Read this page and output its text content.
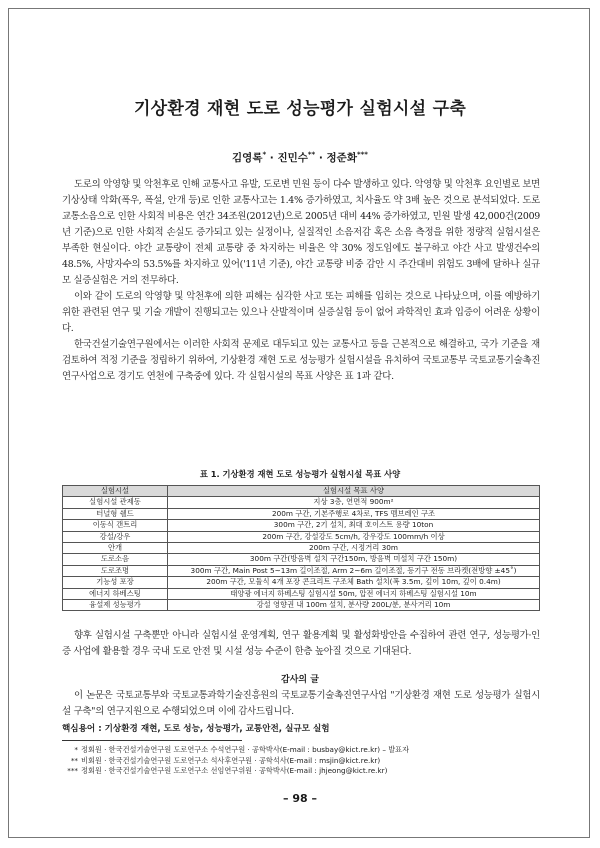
기상환경 재현 도로 성능평가 실험시설 구축
김영록* · 진민수** · 정준화***

도로의 악영향 및 악천후로 인해 교통사고 유발, 도로변 민원 등이 다수 발생하고 있다. 악영향 및 악천후 요인별로 보면 기상상태 악화(폭우, 폭설, 안개 등)로 인한 교통사고는 1.4% 증가하였고, 치사율도 약 3배 높은 것으로 분석되었다. 도로교통소음으로 인한 사회적 비용은 연간 34조원(2012년)으로 2005년 대비 44% 증가하였고, 민원 발생 42,000건(2009년 기준)으로 인한 사회적 손실도 증가되고 있는 실정이나, 실질적인 소음저감 혹은 소음 측정을 위한 정량적 실험시설은 부족한 현실이다. 야간 교통량이 전체 교통량 중 차지하는 비율은 약 30% 정도임에도 불구하고 야간 사고 발생건수의 48.5%, 사망자수의 53.5%를 차지하고 있어('11년 기준), 야간 교통량 비중 감안 시 주간대비 위험도 3배에 달하나 실규모 실증실험은 거의 전무하다.

이와 같이 도로의 악영향 및 악천후에 의한 피해는 심각한 사고 또는 피해를 입히는 것으로 나타났으며, 이를 예방하기 위한 관련된 연구 및 기술 개발이 진행되고는 있으나 산발적이며 실증실험 등이 없어 과학적인 효과 입증이 어려운 상황이다.

한국건설기술연구원에서는 이러한 사회적 문제로 대두되고 있는 교통사고 등을 근본적으로 해결하고, 국가 기준을 재검토하여 적정 기준을 정립하기 위하여, 기상환경 재현 도로 성능평가 실험시설을 유치하여 국토교통부 국토교통기술촉진연구사업으로 경기도 연천에 구축중에 있다. 각 실험시설의 목표 사양은 표 1과 같다.

표 1. 기상환경 재현 도로 성능평가 실험시설 목표 사양
실험시설	실험시설 목표 사양
실험시설 관제동	지상 3층, 연면적 900m²
터널형 쉘드	200m 구간, 기본주행로 4차로, TFS 멤브레인 구조
이동식 갠트리	300m 구간, 2기 설치, 최대 호이스트 용량 10ton
강설/강우	200m 구간, 강설강도 5cm/h, 강우강도 100mm/h 이상
안개	200m 구간, 시정거리 30m
도로소음	300m 구간(방음벽 설치 구간150m, 방음벽 미설치 구간 150m)
도로조명	300m 구간, Main Post 5~13m 길이조절, Arm 2~6m 길이조절, 등기구 전동 브라켓(전방향 ±45˚)
기능성 포장	200m 구간, 모듈식 4개 포장 콘크리트 구조체 Bath 설치(폭 3.5m, 깊이 10m, 깊이 0.4m)
에너지 하베스팅	태양광 에너지 하베스팅 실험시설 50m, 압전 에너지 하베스팅 실험시설 10m
융설제 성능평가	강설 영향권 내 100m 설치, 분사량 200L/분, 분사거리 10m

향후 실험시설 구축뿐만 아니라 실험시설 운영계획, 연구 활용계획 및 활성화방안을 수집하여 관련 연구, 성능평가·인증 사업에 활용할 경우 국내 도로 안전 및 시설 성능 수준이 한층 높아질 것으로 기대된다.

감사의 글

이 논문은 국토교통부와 국토교통과학기술진흥원의 국토교통기술촉진연구사업 "기상환경 재현 도로 성능평가 실험시설 구축"의 연구지원으로 수행되었으며 이에 감사드립니다.

핵심용어 : 기상환경 재현, 도로 성능, 성능평가, 교통안전, 실규모 실험
* 정회원 · 한국건설기술연구원 도로연구소 수석연구원 · 공학박사(E-mail : busbay@kict.re.kr) – 발표자
** 비회원 · 한국건설기술연구원 도로연구소 석사후연구원 · 공학석사(E-mail : msjin@kict.re.kr)
*** 정회원 · 한국건설기술연구원 도로연구소 선임연구위원 · 공학박사(E-mail : jhjeong@kict.re.kr)
– 98 –
